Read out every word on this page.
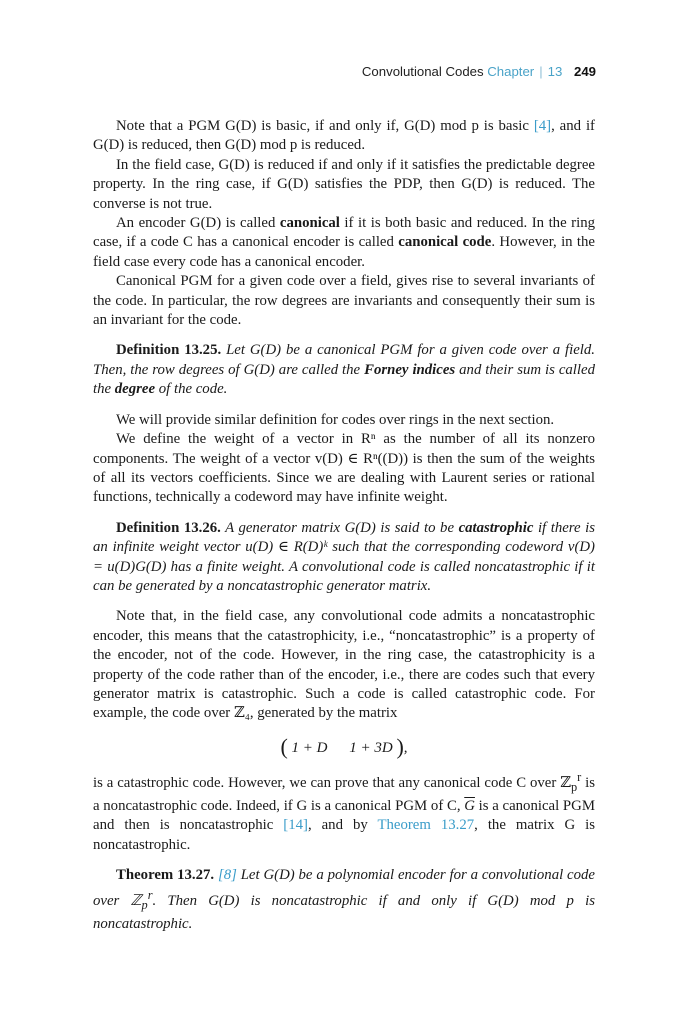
Convolutional Codes Chapter | 13 249

Note that a PGM G(D) is basic, if and only if, G(D) mod p is basic [4], and if G(D) is reduced, then G(D) mod p is reduced.

In the field case, G(D) is reduced if and only if it satisfies the predictable degree property. In the ring case, if G(D) satisfies the PDP, then G(D) is reduced. The converse is not true.

An encoder G(D) is called canonical if it is both basic and reduced. In the ring case, if a code C has a canonical encoder is called canonical code. However, in the field case every code has a canonical encoder.

Canonical PGM for a given code over a field, gives rise to several invariants of the code. In particular, the row degrees are invariants and consequently their sum is an invariant for the code.

Definition 13.25. Let G(D) be a canonical PGM for a given code over a field. Then, the row degrees of G(D) are called the Forney indices and their sum is called the degree of the code.

We will provide similar definition for codes over rings in the next section.

We define the weight of a vector in Rⁿ as the number of all its nonzero components. The weight of a vector v(D) ∈ Rⁿ((D)) is then the sum of the weights of all its vectors coefficients. Since we are dealing with Laurent series or rational functions, technically a codeword may have infinite weight.

Definition 13.26. A generator matrix G(D) is said to be catastrophic if there is an infinite weight vector u(D) ∈ R(D)ᵏ such that the corresponding codeword v(D) = u(D)G(D) has a finite weight. A convolutional code is called noncatastrophic if it can be generated by a noncatastrophic generator matrix.

Note that, in the field case, any convolutional code admits a noncatastrophic encoder, this means that the catastrophicity, i.e., “noncatastrophic” is a property of the encoder, not of the code. However, in the ring case, the catastrophicity is a property of the code rather than of the encoder, i.e., there are codes such that every generator matrix is catastrophic. Such a code is called catastrophic code. For example, the code over ℤ₄, generated by the matrix

( 1 + D 1 + 3D ),

is a catastrophic code. However, we can prove that any canonical code C over ℤ$_p^r$ is a noncatastrophic code. Indeed, if G is a canonical PGM of C, $\overline{G}$ is a canonical PGM and then is noncatastrophic [14], and by Theorem 13.27, the matrix G is noncatastrophic.

Theorem 13.27. [8] Let G(D) be a polynomial encoder for a convolutional code over ℤ$_p^r$. Then G(D) is noncatastrophic if and only if G(D) mod p is noncatastrophic.
